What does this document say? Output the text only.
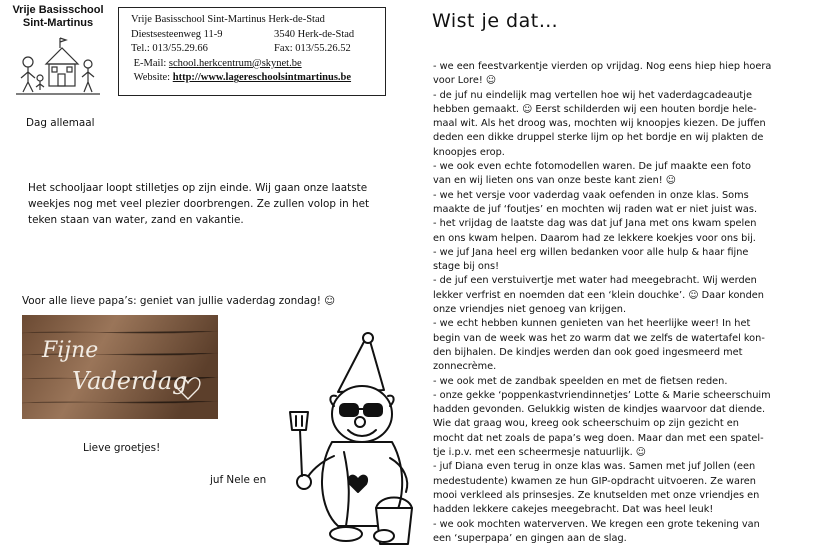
Vrije Basisschool
Sint-Martinus	Vrije Basisschool Sint-Martinus Herk-de-Stad
Diestsesteenweg 11-9	3540 Herk-de-Stad
Tel.: 013/55.29.66	Fax: 013/55.26.52

E-Mail:
school.herkcentrum@skynet.be

Website:
http://www.lagereschoolsintmartinus.be
Dag allemaal
Het schooljaar loopt stilletjes op zijn einde. Wij gaan onze laatste weekjes nog met veel plezier doorbrengen. Ze zullen volop in het teken staan van water, zand en vakantie.
Voor alle lieve papa’s: geniet van jullie vaderdag zondag! ☺
Fijne
Vaderdag
Lieve groetjes!
juf Nele en
Wist je dat…
- we een feestvarkentje vierden op vrijdag. Nog eens hiep hiep hoera
voor Lore! ☺
- de juf nu eindelijk mag vertellen hoe wij het vaderdagcadeautje
hebben gemaakt. ☺ Eerst schilderden wij een houten bordje hele-
maal wit. Als het droog was, mochten wij knoopjes kiezen. De juffen
deden een dikke druppel sterke lijm op het bordje en wij plakten de
knoopjes erop.
- we ook even echte fotomodellen waren. De juf maakte een foto
van en wij lieten ons van onze beste kant zien! ☺
- we het versje voor vaderdag vaak oefenden in onze klas. Soms
maakte de juf ‘foutjes’ en mochten wij raden wat er niet juist was.
- het vrijdag de laatste dag was dat juf Jana met ons kwam spelen
en ons kwam helpen. Daarom had ze lekkere koekjes voor ons bij.
- we juf Jana heel erg willen bedanken voor alle hulp & haar fijne
stage bij ons!
- de juf een verstuivertje met water had meegebracht. Wij werden
lekker verfrist en noemden dat een ‘klein douchke’. ☺ Daar konden
onze vriendjes niet genoeg van krijgen.
- we echt hebben kunnen genieten van het heerlijke weer! In het
begin van de week was het zo warm dat we zelfs de watertafel kon-
den bijhalen. De kindjes werden dan ook goed ingesmeerd met
zonnecrème.
- we ook met de zandbak speelden en met de fietsen reden.
- onze gekke ‘poppenkastvriendinnetjes’ Lotte & Marie scheerschuim
hadden gevonden. Gelukkig wisten de kindjes waarvoor dat diende.
Wie dat graag wou, kreeg ook scheerschuim op zijn gezicht en
mocht dat net zoals de papa’s weg doen. Maar dan met een spatel-
tje i.p.v. met een scheermesje natuurlijk. ☺
- juf Diana even terug in onze klas was. Samen met juf Jollen (een
medestudente) kwamen ze hun GIP-opdracht uitvoeren. Ze waren
mooi verkleed als prinsesjes. Ze knutselden met onze vriendjes en
hadden lekkere cakejes meegebracht. Dat was heel leuk!
- we ook mochten waterverven. We kregen een grote tekening van
een ‘superpapa’ en gingen aan de slag.
